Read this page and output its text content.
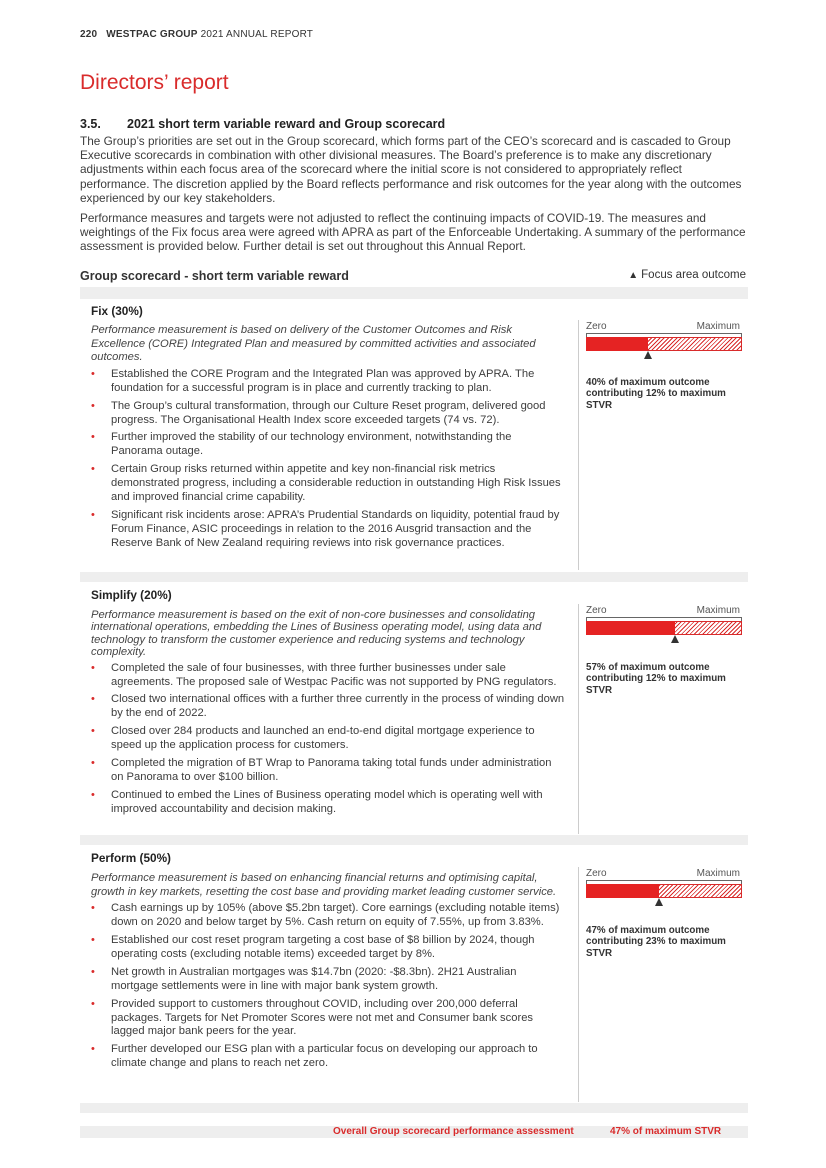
220 WESTPAC GROUP 2021 ANNUAL REPORT
Directors’ report
3.5. 2021 short term variable reward and Group scorecard

The Group’s priorities are set out in the Group scorecard, which forms part of the CEO’s scorecard and is cascaded to Group Executive scorecards in combination with other divisional measures. The Board’s preference is to make any discretionary adjustments within each focus area of the scorecard where the initial score is not considered to appropriately reflect performance. The discretion applied by the Board reflects performance and risk outcomes for the year along with the outcomes experienced by our key stakeholders.

Performance measures and targets were not adjusted to reflect the continuing impacts of COVID-19. The measures and weightings of the Fix focus area were agreed with APRA as part of the Enforceable Undertaking. A summary of the performance assessment is provided below. Further detail is set out throughout this Annual Report.

Group scorecard - short term variable reward	▲ Focus area outcome
Fix (30%)

Performance measurement is based on delivery of the Customer Outcomes and Risk Excellence (CORE) Integrated Plan and measured by committed activities and associated outcomes.

• Established the CORE Program and the Integrated Plan was approved by APRA. The foundation for a successful program is in place and currently tracking to plan.
• The Group’s cultural transformation, through our Culture Reset program, delivered good progress. The Organisational Health Index score exceeded targets (74 vs. 72).
• Further improved the stability of our technology environment, notwithstanding the Panorama outage.
• Certain Group risks returned within appetite and key non-financial risk metrics demonstrated progress, including a considerable reduction in outstanding High Risk Issues and improved financial crime capability.
• Significant risk incidents arose: APRA’s Prudential Standards on liquidity, potential fraud by Forum Finance, ASIC proceedings in relation to the 2016 Ausgrid transaction and the Reserve Bank of New Zealand requiring reviews into risk governance practices.
Zero	Maximum
40% of maximum outcome contributing 12% to maximum STVR
Simplify (20%)

Performance measurement is based on the exit of non-core businesses and consolidating international operations, embedding the Lines of Business operating model, using data and technology to transform the customer experience and reducing systems and technology complexity.

• Completed the sale of four businesses, with three further businesses under sale agreements. The proposed sale of Westpac Pacific was not supported by PNG regulators.
• Closed two international offices with a further three currently in the process of winding down by the end of 2022.
• Closed over 284 products and launched an end-to-end digital mortgage experience to speed up the application process for customers.
• Completed the migration of BT Wrap to Panorama taking total funds under administration on Panorama to over $100 billion.
• Continued to embed the Lines of Business operating model which is operating well with improved accountability and decision making.
Zero	Maximum
57% of maximum outcome contributing 12% to maximum STVR
Perform (50%)

Performance measurement is based on enhancing financial returns and optimising capital, growth in key markets, resetting the cost base and providing market leading customer service.

• Cash earnings up by 105% (above $5.2bn target). Core earnings (excluding notable items) down on 2020 and below target by 5%. Cash return on equity of 7.55%, up from 3.83%.
• Established our cost reset program targeting a cost base of $8 billion by 2024, though operating costs (excluding notable items) exceeded target by 8%.
• Net growth in Australian mortgages was $14.7bn (2020: -$8.3bn). 2H21 Australian mortgage settlements were in line with major bank system growth.
• Provided support to customers throughout COVID, including over 200,000 deferral packages. Targets for Net Promoter Scores were not met and Consumer bank scores lagged major bank peers for the year.
• Further developed our ESG plan with a particular focus on developing our approach to climate change and plans to reach net zero.
Zero	Maximum
47% of maximum outcome contributing 23% to maximum STVR
Overall Group scorecard performance assessment	47% of maximum STVR
